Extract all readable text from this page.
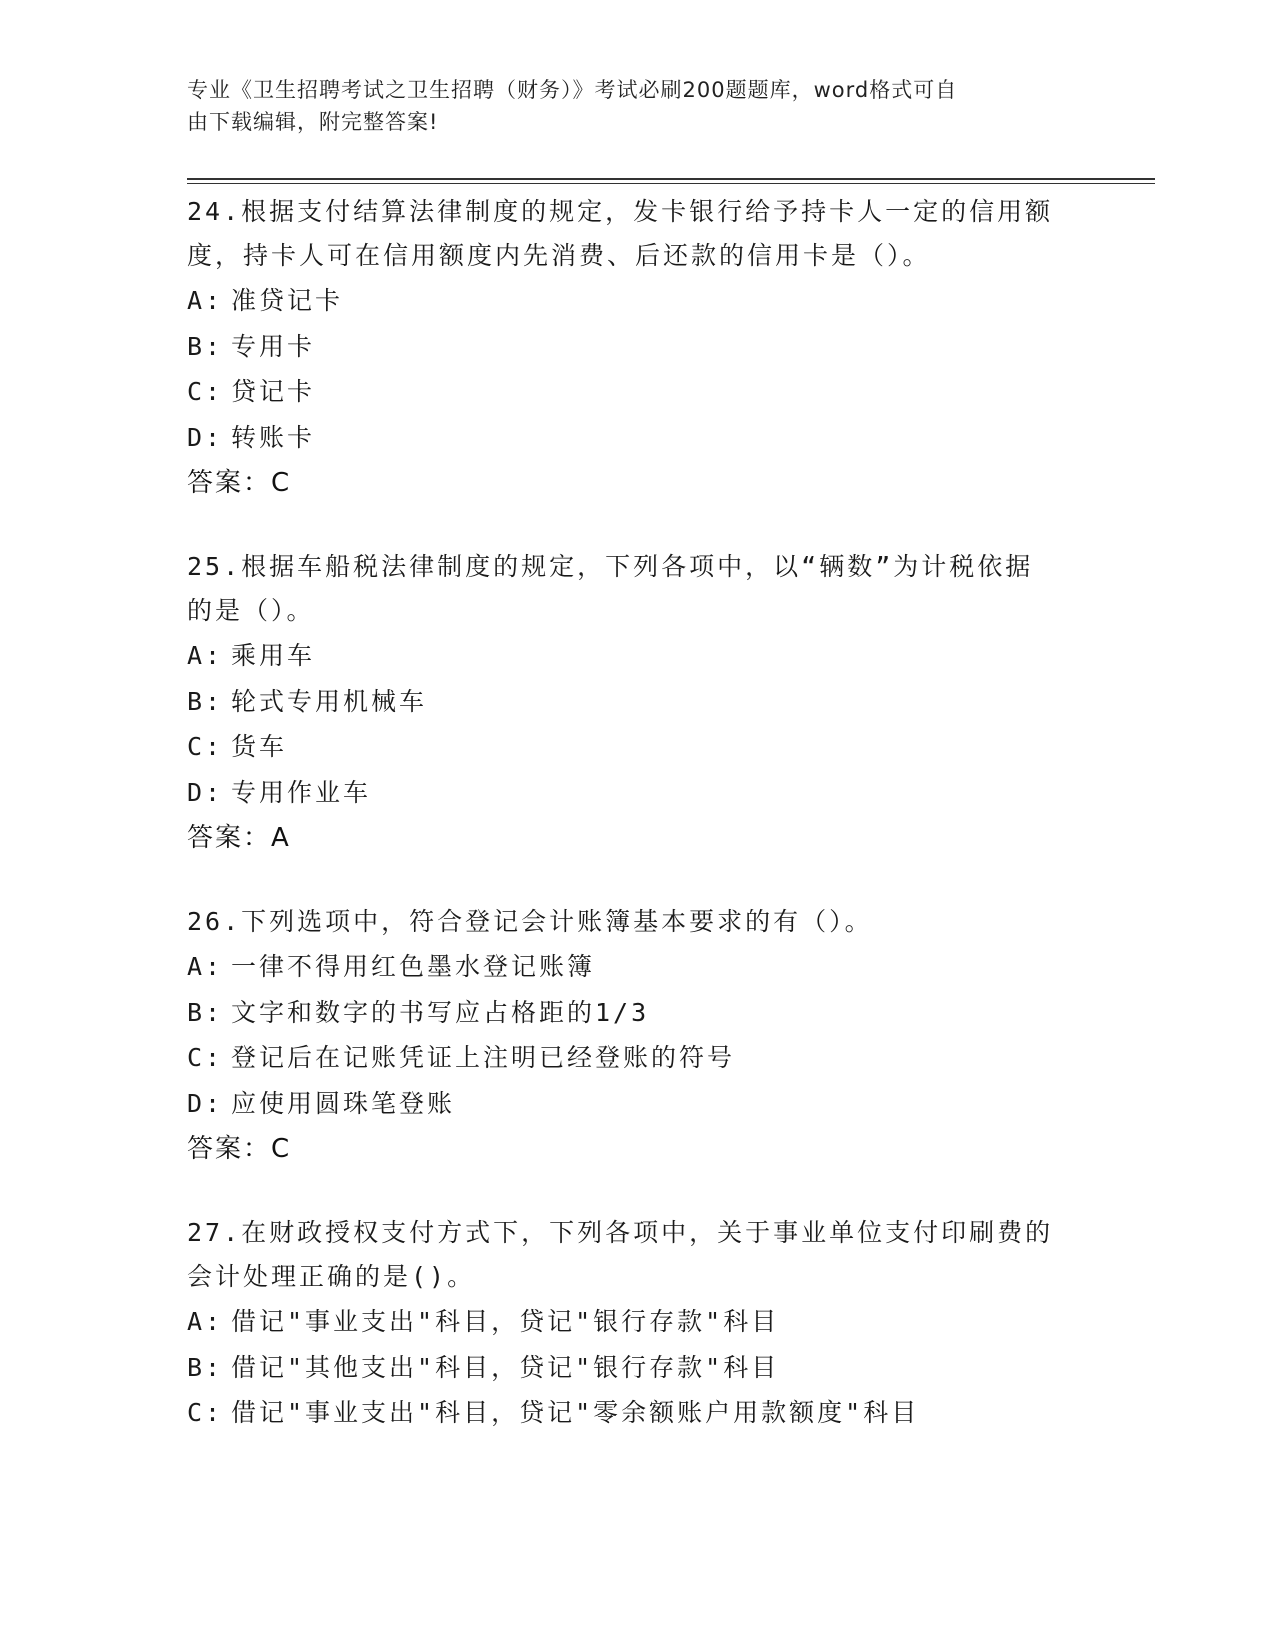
专业《卫生招聘考试之卫生招聘（财务）》考试必刷200题题库，word格式可自
由下载编辑，附完整答案!

24.根据支付结算法律制度的规定，发卡银行给予持卡人一定的信用额
度，持卡人可在信用额度内先消费、后还款的信用卡是（）。

A: 准贷记卡
B: 专用卡
C: 贷记卡
D: 转账卡
答案：C

25.根据车船税法律制度的规定，下列各项中，以“辆数”为计税依据
的是（）。

A: 乘用车
B: 轮式专用机械车
C: 货车
D: 专用作业车
答案：A

26.下列选项中，符合登记会计账簿基本要求的有（）。

A: 一律不得用红色墨水登记账簿
B: 文字和数字的书写应占格距的1/3
C: 登记后在记账凭证上注明已经登账的符号
D: 应使用圆珠笔登账
答案：C

27.在财政授权支付方式下，下列各项中，关于事业单位支付印刷费的
会计处理正确的是()。

A: 借记"事业支出"科目，贷记"银行存款"科目
B: 借记"其他支出"科目，贷记"银行存款"科目
C: 借记"事业支出"科目，贷记"零余额账户用款额度"科目
